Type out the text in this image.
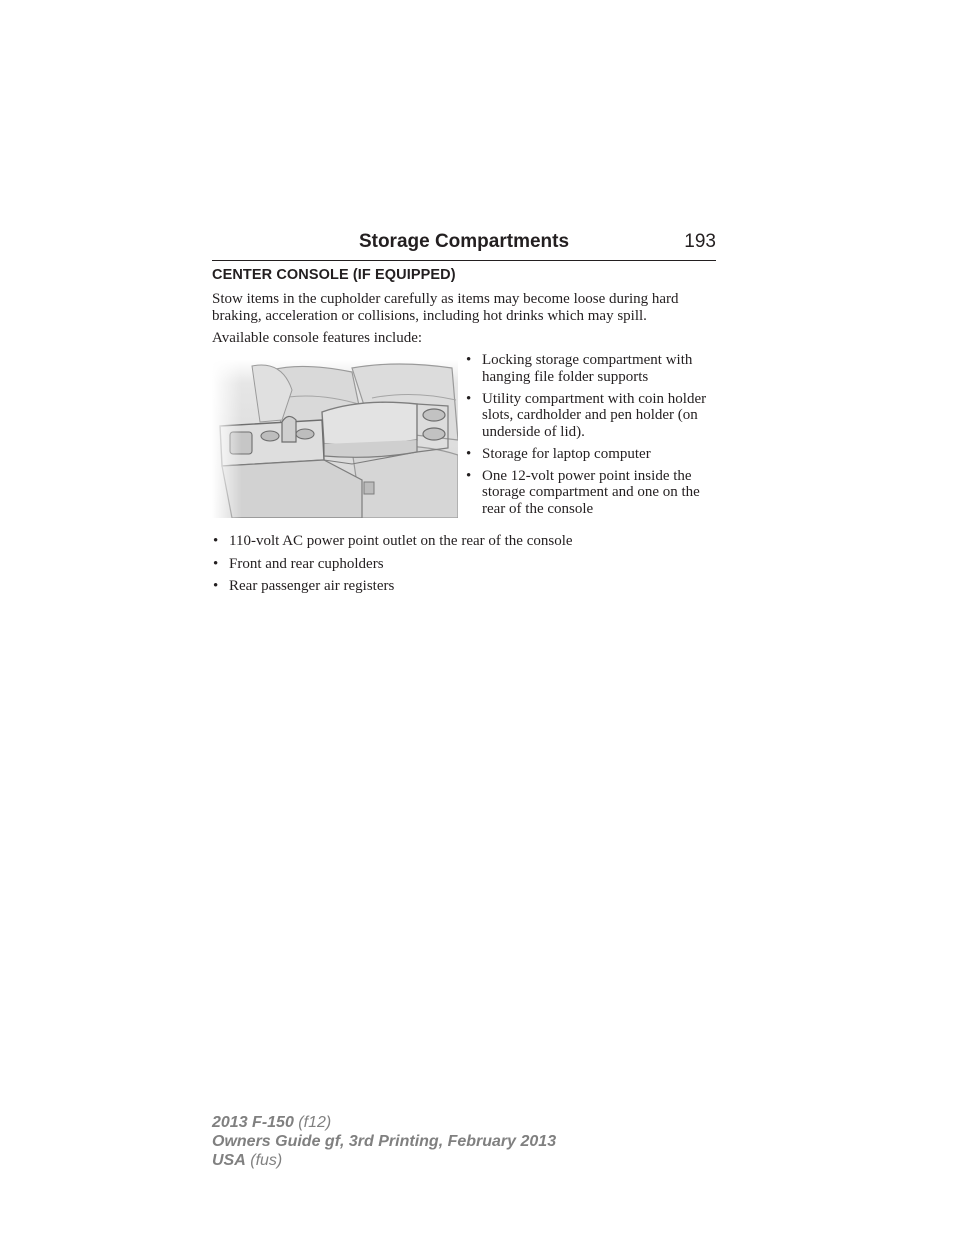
Storage Compartments	193
CENTER CONSOLE (IF EQUIPPED)
Stow items in the cupholder carefully as items may become loose during hard braking, acceleration or collisions, including hot drinks which may spill.
Available console features include:
• Locking storage compartment with hanging file folder supports
• Utility compartment with coin holder slots, cardholder and pen holder (on underside of lid).
• Storage for laptop computer
• One 12-volt power point inside the storage compartment and one on the rear of the console
• 110-volt AC power point outlet on the rear of the console
• Front and rear cupholders
• Rear passenger air registers
2013 F-150 (f12)
Owners Guide gf, 3rd Printing, February 2013
USA (fus)
